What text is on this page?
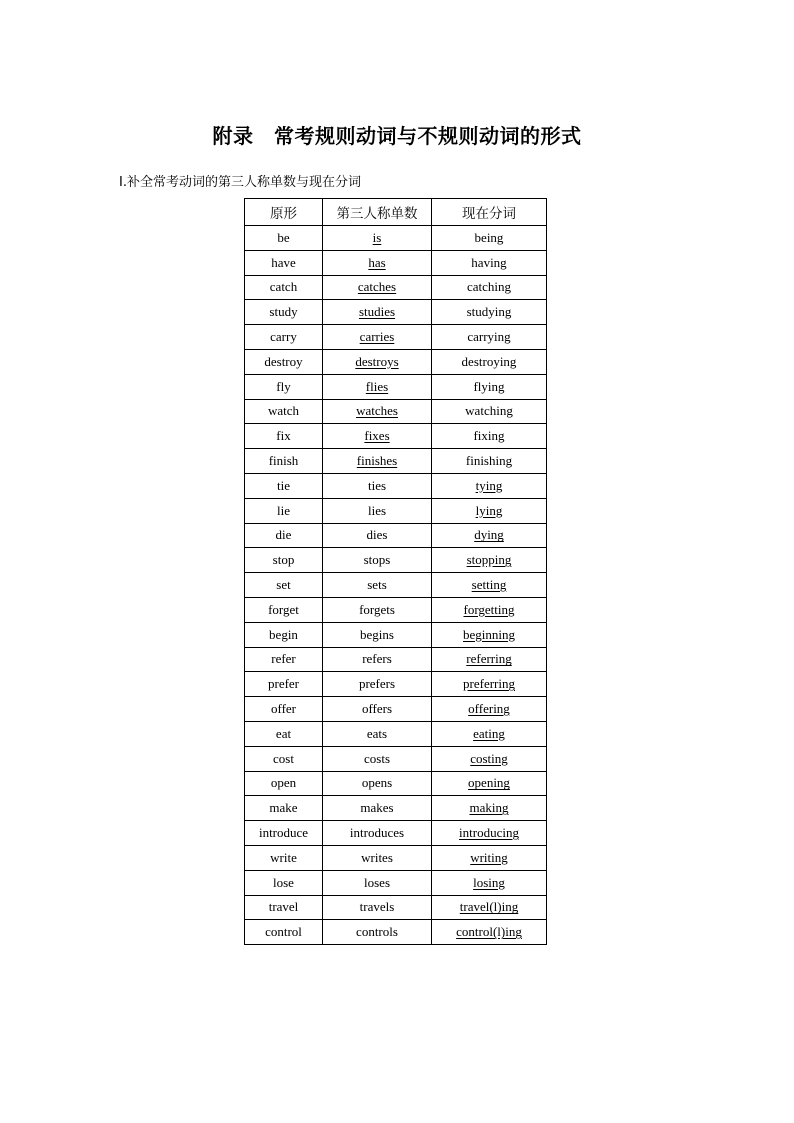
附录　常考规则动词与不规则动词的形式
Ⅰ.补全常考动词的第三人称单数与现在分词
原形	第三人称单数	现在分词
be	is	being
have	has	having
catch	catches	catching
study	studies	studying
carry	carries	carrying
destroy	destroys	destroying
fly	flies	flying
watch	watches	watching
fix	fixes	fixing
finish	finishes	finishing
tie	ties	tying
lie	lies	lying
die	dies	dying
stop	stops	stopping
set	sets	setting
forget	forgets	forgetting
begin	begins	beginning
refer	refers	referring
prefer	prefers	preferring
offer	offers	offering
eat	eats	eating
cost	costs	costing
open	opens	opening
make	makes	making
introduce	introduces	introducing
write	writes	writing
lose	loses	losing
travel	travels	travel(l)ing
control	controls	control(l)ing
